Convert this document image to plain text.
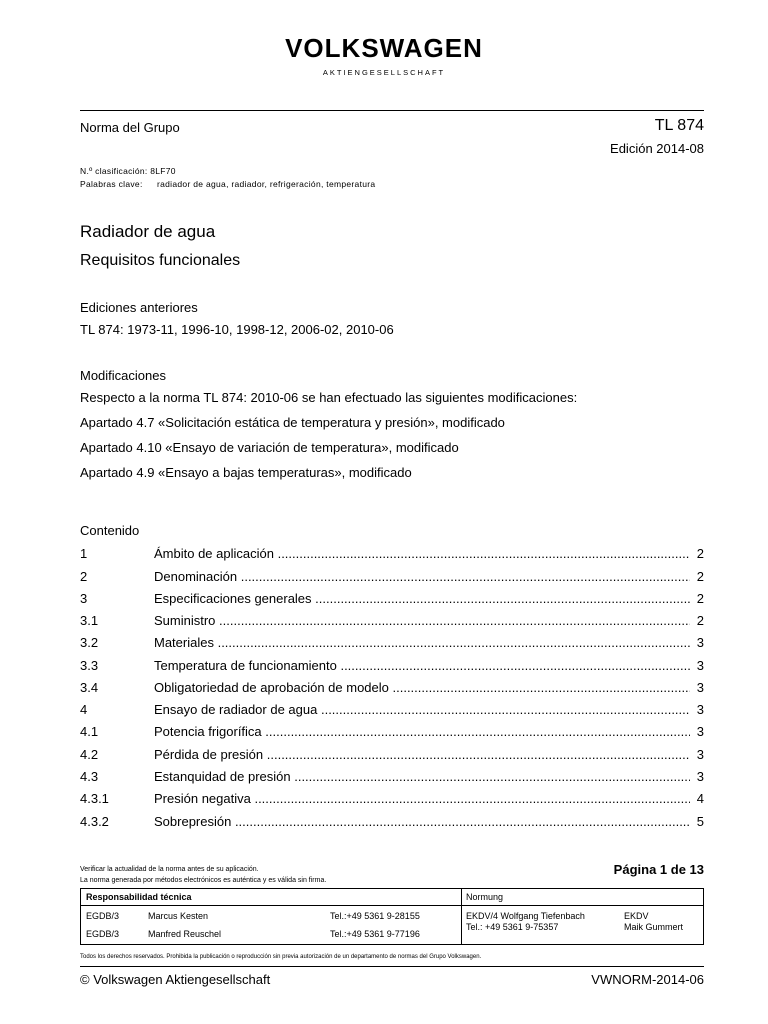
VOLKSWAGEN
AKTIENGESELLSCHAFT
Norma del Grupo	TL 874
Edición 2014-08
N.º clasificación: 8LF70
Palabras clave: radiador de agua, radiador, refrigeración, temperatura
Radiador de agua
Requisitos funcionales
Ediciones anteriores
TL 874: 1973-11, 1996-10, 1998-12, 2006-02, 2010-06
Modificaciones
Respecto a la norma TL 874: 2010-06 se han efectuado las siguientes modificaciones:
Apartado 4.7 «Solicitación estática de temperatura y presión», modificado
Apartado 4.10 «Ensayo de variación de temperatura», modificado
Apartado 4.9 «Ensayo a bajas temperaturas», modificado
Contenido
1	Ámbito de aplicación .....	2
2	Denominación .....	2
3	Especificaciones generales .....	2
3.1	Suministro .....	2
3.2	Materiales .....	3
3.3	Temperatura de funcionamiento .....	3
3.4	Obligatoriedad de aprobación de modelo .....	3
4	Ensayo de radiador de agua .....	3
4.1	Potencia frigorífica .....	3
4.2	Pérdida de presión .....	3
4.3	Estanquidad de presión .....	3
4.3.1	Presión negativa .....	4
4.3.2	Sobrepresión .....	5
Verificar la actualidad de la norma antes de su aplicación.
La norma generada por métodos electrónicos es auténtica y es válida sin firma.
Página 1 de 13
Responsabilidad técnica
EGDB/3	Marcus Kesten	Tel.:+49 5361 9-28155
EGDB/3	Manfred Reuschel	Tel.:+49 5361 9-77196
Normung
EKDV/4 Wolfgang Tiefenbach
Tel.: +49 5361 9-75357
EKDV
Maik Gummert
Todos los derechos reservados. Prohibida la publicación o reproducción sin previa autorización de un departamento de normas del Grupo Volkswagen.
© Volkswagen Aktiengesellschaft	VWNORM-2014-06
